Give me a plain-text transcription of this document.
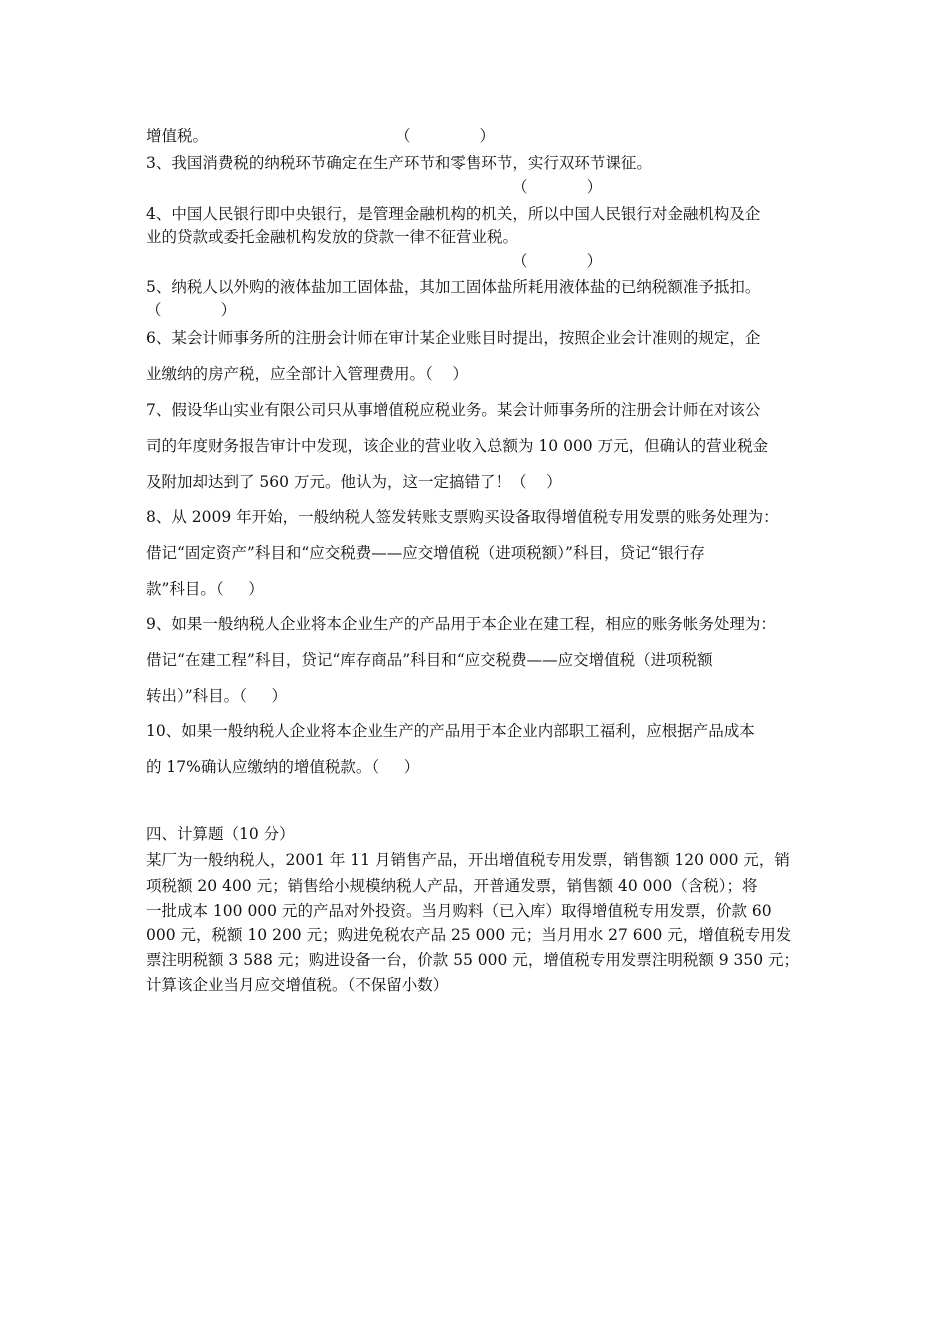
增值税。	（              ）
3、我国消费税的纳税环节确定在生产环节和零售环节，实行双环节课征。
（            ）
4、中国人民银行即中央银行，是管理金融机构的机关，所以中国人民银行对金融机构及企
业的贷款或委托金融机构发放的贷款一律不征营业税。
（            ）
5、纳税人以外购的液体盐加工固体盐，其加工固体盐所耗用液体盐的已纳税额准予抵扣。
（            ）
6、某会计师事务所的注册会计师在审计某企业账目时提出，按照企业会计准则的规定，企
业缴纳的房产税，应全部计入管理费用。（    ）
7、假设华山实业有限公司只从事增值税应税业务。某会计师事务所的注册会计师在对该公
司的年度财务报告审计中发现，该企业的营业收入总额为 10 000 万元，但确认的营业税金
及附加却达到了 560 万元。他认为，这一定搞错了！（    ）
8、从 2009 年开始，一般纳税人签发转账支票购买设备取得增值税专用发票的账务处理为：
借记“固定资产”科目和“应交税费——应交增值税（进项税额）”科目，贷记“银行存
款”科目。（     ）
9、如果一般纳税人企业将本企业生产的产品用于本企业在建工程，相应的账务帐务处理为：
借记“在建工程”科目，贷记“库存商品”科目和“应交税费——应交增值税（进项税额
转出）”科目。（     ）
10、如果一般纳税人企业将本企业生产的产品用于本企业内部职工福利，应根据产品成本
的 17%确认应缴纳的增值税款。（     ）
四、计算题（10 分）
某厂为一般纳税人，2001 年 11 月销售产品，开出增值税专用发票，销售额 120 000 元，销
项税额 20 400 元；销售给小规模纳税人产品，开普通发票，销售额 40 000（含税）；将
一批成本 100 000 元的产品对外投资。当月购料（已入库）取得增值税专用发票，价款 60
000 元，税额 10 200 元；购进免税农产品 25 000 元；当月用水 27 600 元，增值税专用发
票注明税额 3 588 元；购进设备一台，价款 55 000 元，增值税专用发票注明税额 9 350 元；
计算该企业当月应交增值税。（不保留小数）
